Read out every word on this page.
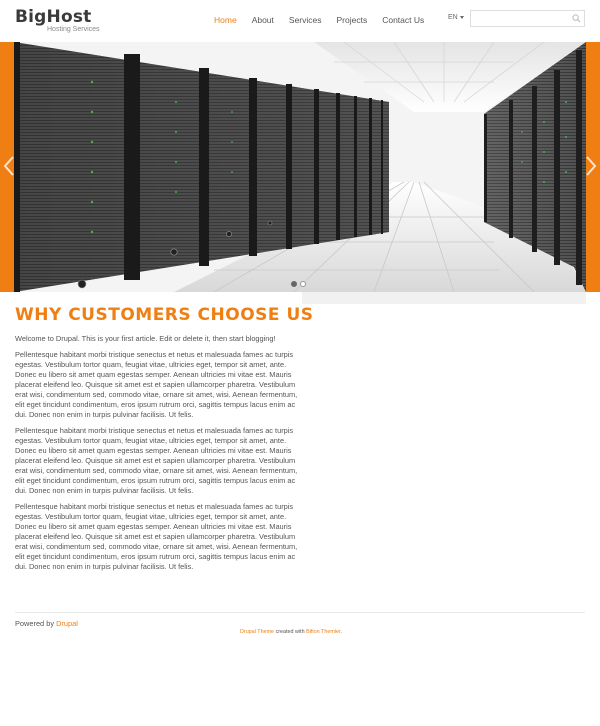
BigHost
Hosting Services
Home About Services Projects Contact Us	EN
WHY CUSTOMERS CHOOSE US

Welcome to Drupal. This is your first article. Edit or delete it, then start blogging!

Pellentesque habitant morbi tristique senectus et netus et malesuada fames ac turpis egestas. Vestibulum tortor quam, feugiat vitae, ultricies eget, tempor sit amet, ante. Donec eu libero sit amet quam egestas semper. Aenean ultricies mi vitae est. Mauris placerat eleifend leo. Quisque sit amet est et sapien ullamcorper pharetra. Vestibulum erat wisi, condimentum sed, commodo vitae, ornare sit amet, wisi. Aenean fermentum, elit eget tincidunt condimentum, eros ipsum rutrum orci, sagittis tempus lacus enim ac dui. Donec non enim in turpis pulvinar facilisis. Ut felis.

Pellentesque habitant morbi tristique senectus et netus et malesuada fames ac turpis egestas. Vestibulum tortor quam, feugiat vitae, ultricies eget, tempor sit amet, ante. Donec eu libero sit amet quam egestas semper. Aenean ultricies mi vitae est. Mauris placerat eleifend leo. Quisque sit amet est et sapien ullamcorper pharetra. Vestibulum erat wisi, condimentum sed, commodo vitae, ornare sit amet, wisi. Aenean fermentum, elit eget tincidunt condimentum, eros ipsum rutrum orci, sagittis tempus lacus enim ac dui. Donec non enim in turpis pulvinar facilisis. Ut felis.

Pellentesque habitant morbi tristique senectus et netus et malesuada fames ac turpis egestas. Vestibulum tortor quam, feugiat vitae, ultricies eget, tempor sit amet, ante. Donec eu libero sit amet quam egestas semper. Aenean ultricies mi vitae est. Mauris placerat eleifend leo. Quisque sit amet est et sapien ullamcorper pharetra. Vestibulum erat wisi, condimentum sed, commodo vitae, ornare sit amet, wisi. Aenean fermentum, elit eget tincidunt condimentum, eros ipsum rutrum orci, sagittis tempus lacus enim ac dui. Donec non enim in turpis pulvinar facilisis. Ut felis.

Powered by Drupal
Drupal Theme created with Bifion Themler.
